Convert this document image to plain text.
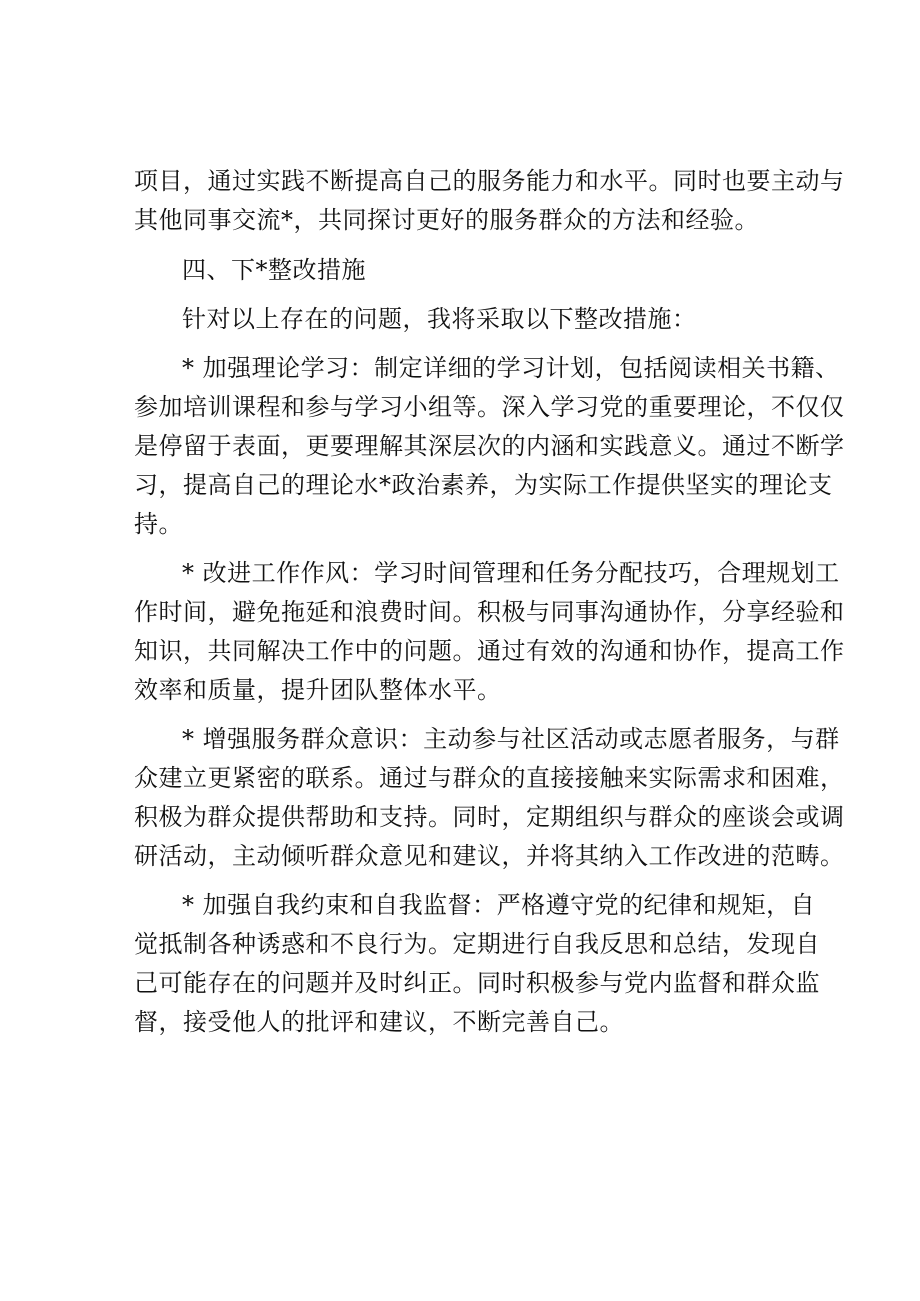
项目，通过实践不断提高自己的服务能力和水平。同时也要主动与
其他同事交流*，共同探讨更好的服务群众的方法和经验。
四、下*整改措施
针对以上存在的问题，我将采取以下整改措施：
* 加强理论学习：制定详细的学习计划，包括阅读相关书籍、
参加培训课程和参与学习小组等。深入学习党的重要理论，不仅仅
是停留于表面，更要理解其深层次的内涵和实践意义。通过不断学
习，提高自己的理论水*政治素养，为实际工作提供坚实的理论支
持。
* 改进工作作风：学习时间管理和任务分配技巧，合理规划工
作时间，避免拖延和浪费时间。积极与同事沟通协作，分享经验和
知识，共同解决工作中的问题。通过有效的沟通和协作，提高工作
效率和质量，提升团队整体水平。
* 增强服务群众意识：主动参与社区活动或志愿者服务，与群
众建立更紧密的联系。通过与群众的直接接触来实际需求和困难，
积极为群众提供帮助和支持。同时，定期组织与群众的座谈会或调
研活动，主动倾听群众意见和建议，并将其纳入工作改进的范畴。
* 加强自我约束和自我监督：严格遵守党的纪律和规矩，自
觉抵制各种诱惑和不良行为。定期进行自我反思和总结，发现自
己可能存在的问题并及时纠正。同时积极参与党内监督和群众监
督，接受他人的批评和建议，不断完善自己。
